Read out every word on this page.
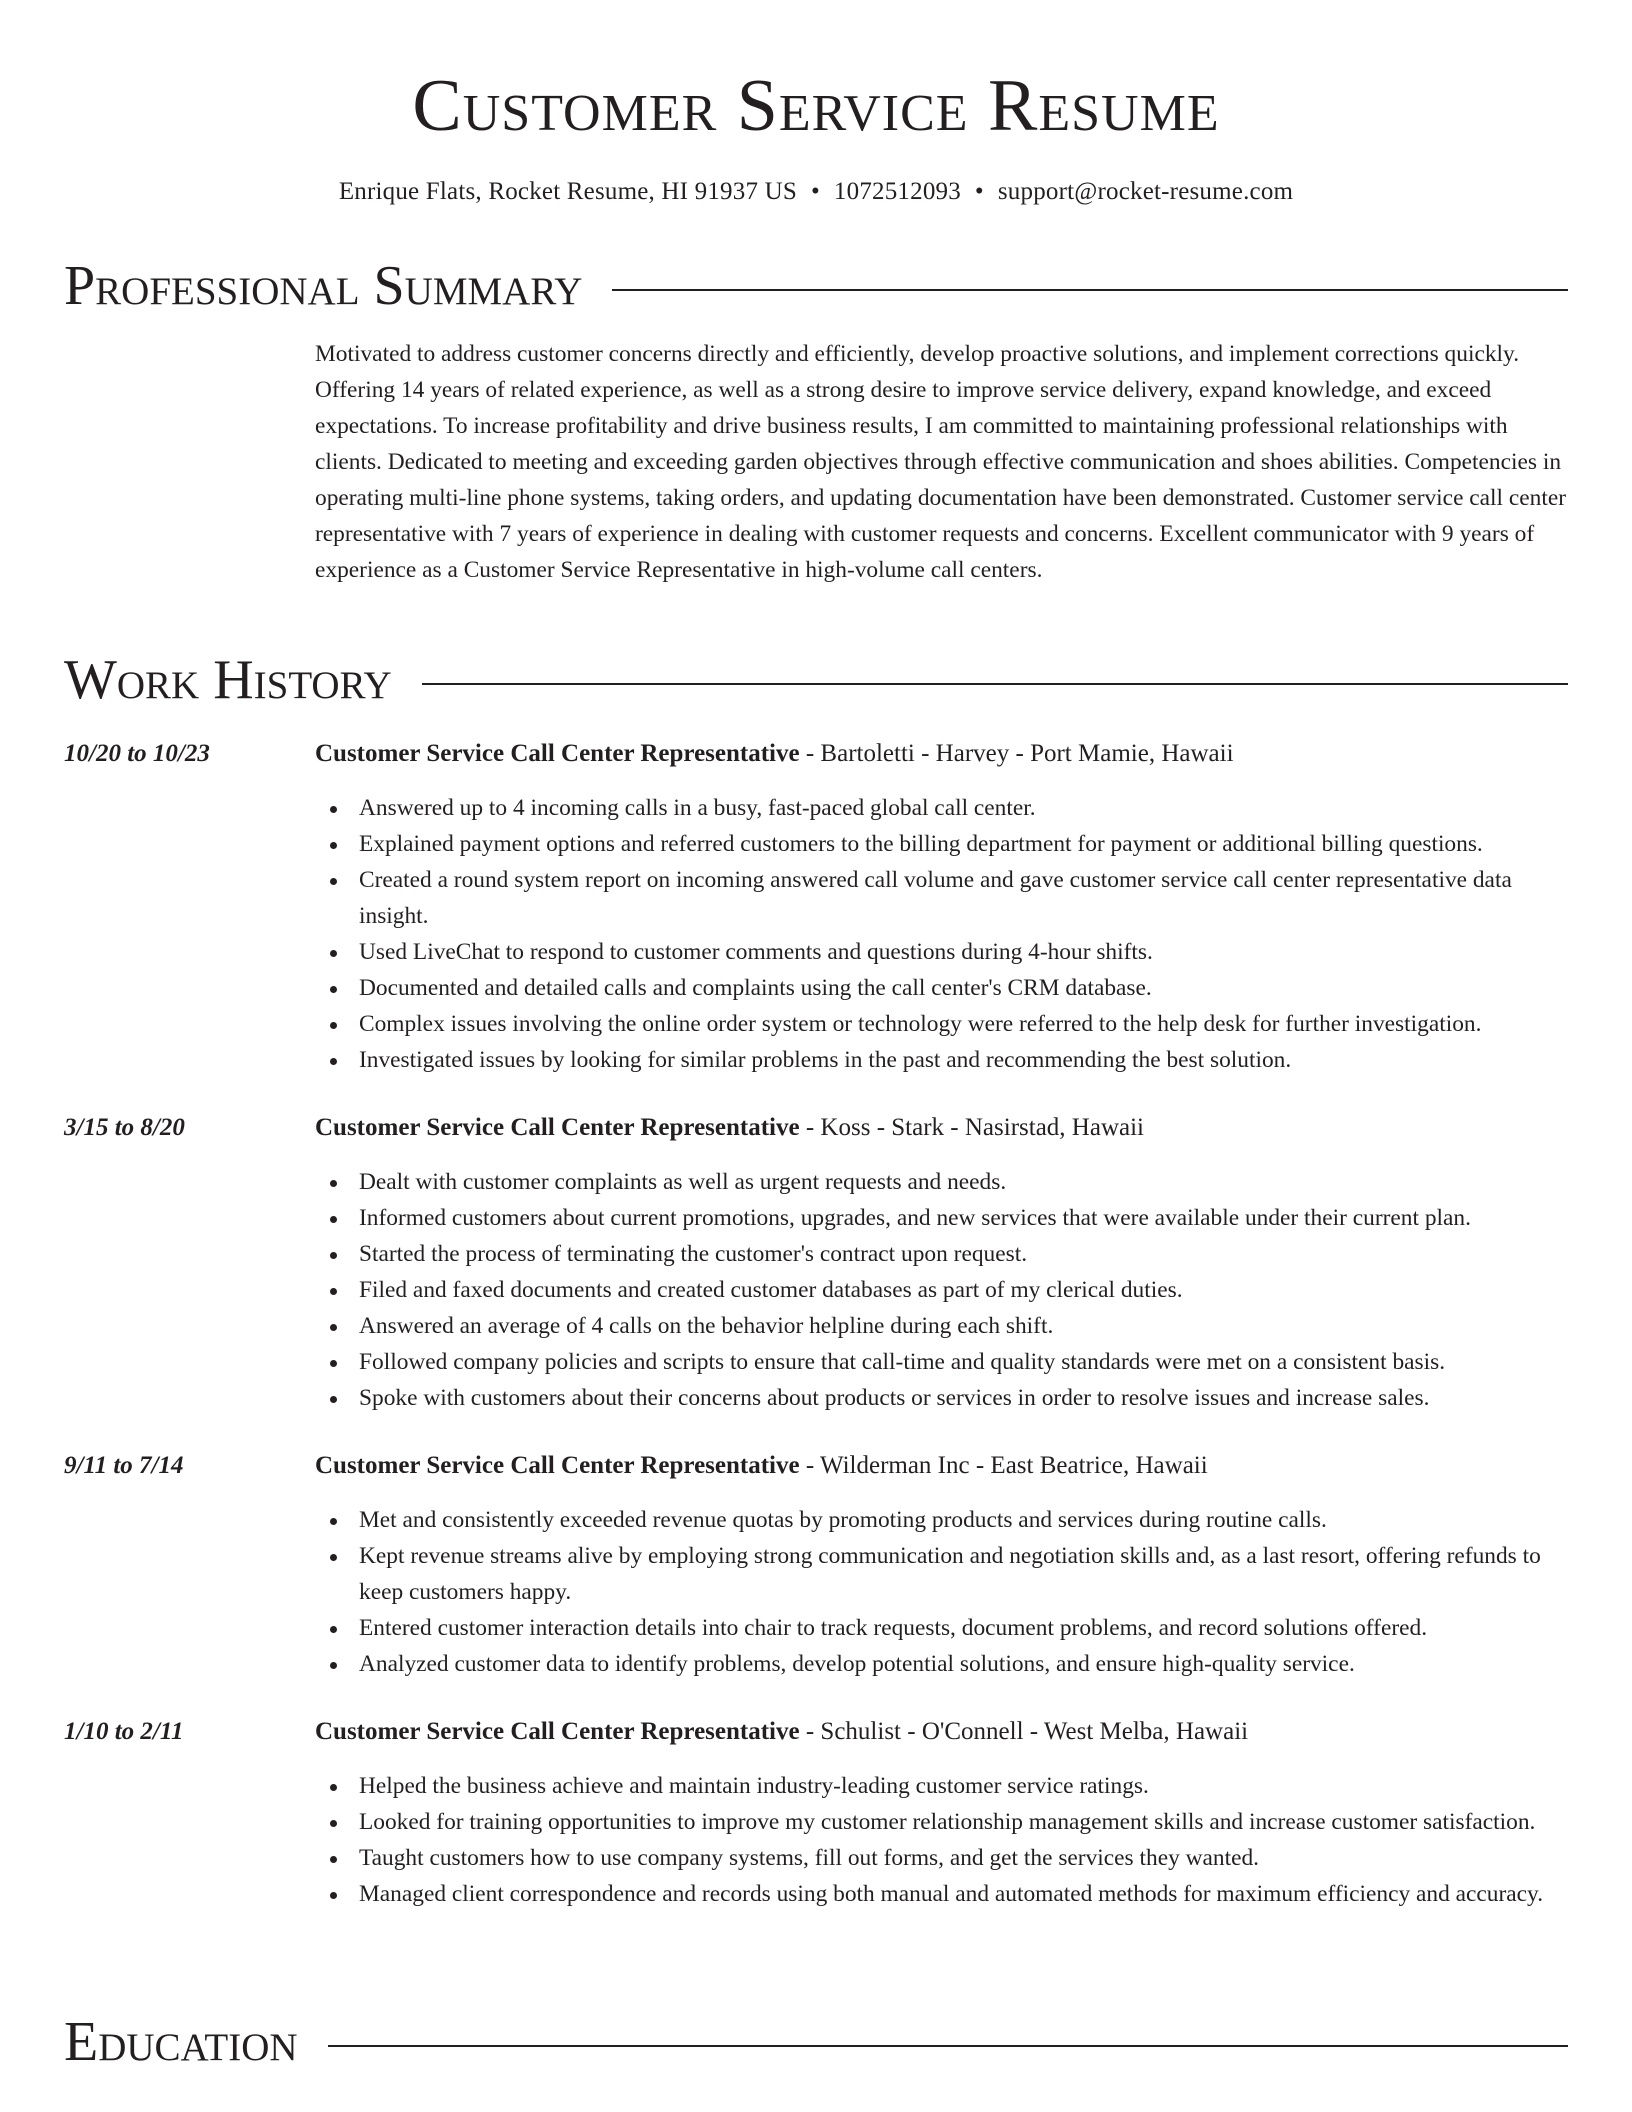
Customer Service Resume
Enrique Flats, Rocket Resume, HI 91937 US • 1072512093 • support@rocket-resume.com
Professional Summary

Motivated to address customer concerns directly and efficiently, develop proactive solutions, and implement corrections quickly. Offering 14 years of related experience, as well as a strong desire to improve service delivery, expand knowledge, and exceed expectations. To increase profitability and drive business results, I am committed to maintaining professional relationships with clients. Dedicated to meeting and exceeding garden objectives through effective communication and shoes abilities. Competencies in operating multi-line phone systems, taking orders, and updating documentation have been demonstrated. Customer service call center representative with 7 years of experience in dealing with customer requests and concerns. Excellent communicator with 9 years of experience as a Customer Service Representative in high-volume call centers.

Work History
10/20 to 10/23	Customer Service Call Center Representative - Bartoletti - Harvey - Port Mamie, Hawaii
Answered up to 4 incoming calls in a busy, fast-paced global call center.
Explained payment options and referred customers to the billing department for payment or additional billing questions.
Created a round system report on incoming answered call volume and gave customer service call center representative data insight.
Used LiveChat to respond to customer comments and questions during 4-hour shifts.
Documented and detailed calls and complaints using the call center's CRM database.
Complex issues involving the online order system or technology were referred to the help desk for further investigation.
Investigated issues by looking for similar problems in the past and recommending the best solution.
3/15 to 8/20	Customer Service Call Center Representative - Koss - Stark - Nasirstad, Hawaii
Dealt with customer complaints as well as urgent requests and needs.
Informed customers about current promotions, upgrades, and new services that were available under their current plan.
Started the process of terminating the customer's contract upon request.
Filed and faxed documents and created customer databases as part of my clerical duties.
Answered an average of 4 calls on the behavior helpline during each shift.
Followed company policies and scripts to ensure that call-time and quality standards were met on a consistent basis.
Spoke with customers about their concerns about products or services in order to resolve issues and increase sales.
9/11 to 7/14	Customer Service Call Center Representative - Wilderman Inc - East Beatrice, Hawaii
Met and consistently exceeded revenue quotas by promoting products and services during routine calls.
Kept revenue streams alive by employing strong communication and negotiation skills and, as a last resort, offering refunds to keep customers happy.
Entered customer interaction details into chair to track requests, document problems, and record solutions offered.
Analyzed customer data to identify problems, develop potential solutions, and ensure high-quality service.
1/10 to 2/11	Customer Service Call Center Representative - Schulist - O'Connell - West Melba, Hawaii
Helped the business achieve and maintain industry-leading customer service ratings.
Looked for training opportunities to improve my customer relationship management skills and increase customer satisfaction.
Taught customers how to use company systems, fill out forms, and get the services they wanted.
Managed client correspondence and records using both manual and automated methods for maximum efficiency and accuracy.
Education
